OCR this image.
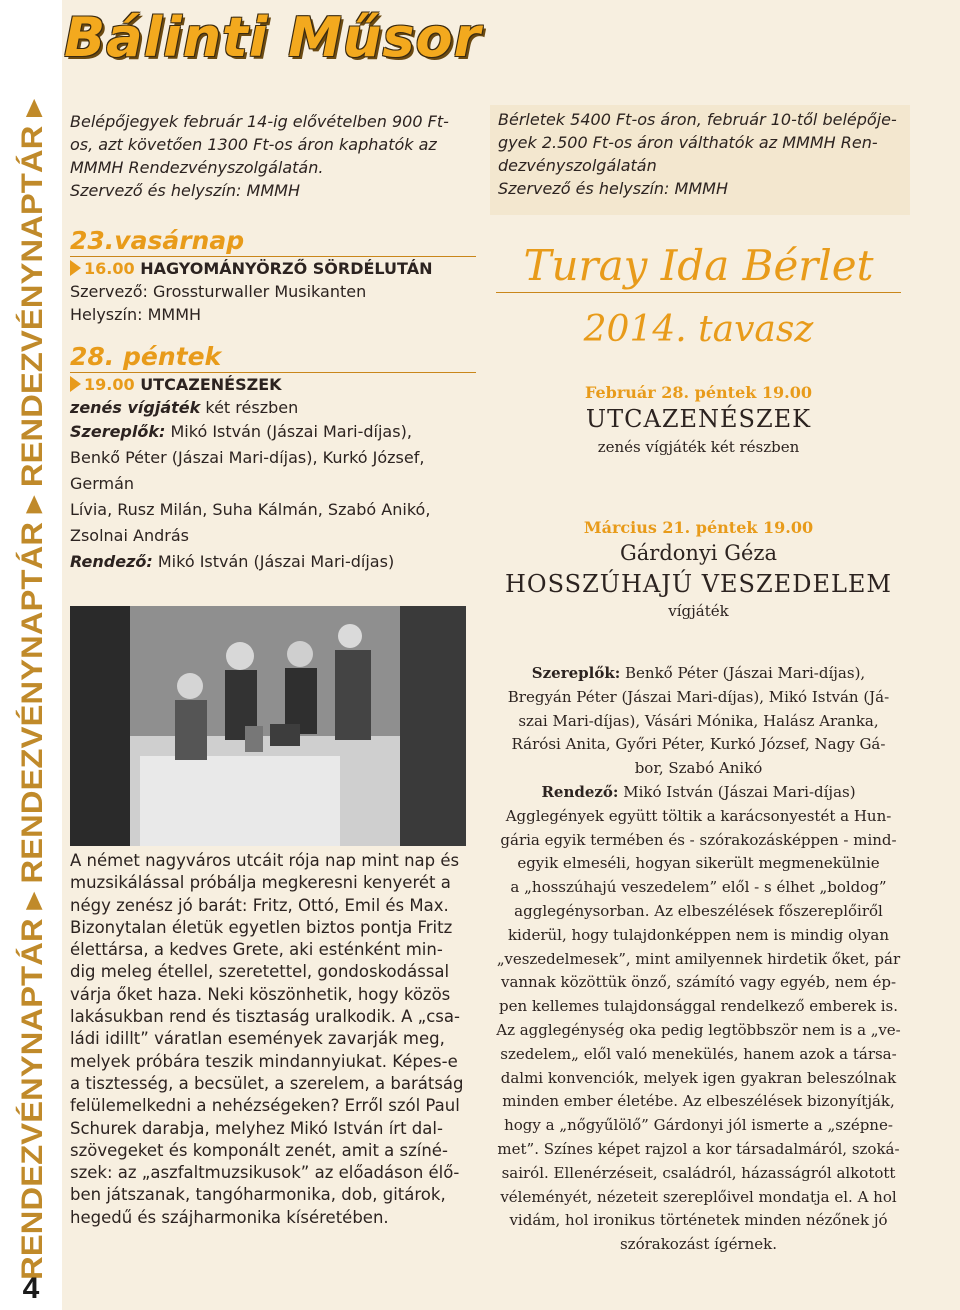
RENDEZVÉNYNAPTÁR ▸ RENDEZVÉNYNAPTÁR ▸ RENDEZVÉNYNAPTÁR ▸
4
Bálinti Műsor
Belépőjegyek február 14-ig elővételben 900 Ft-
os, azt követően 1300 Ft-os áron kaphatók az
MMMH Rendezvényszolgálatán.
Szervező és helyszín: MMMH
23.vasárnap
16.00 HAGYOMÁNYÖRZŐ SÖRDÉLUTÁN
Szervező: Grossturwaller Musikanten
Helyszín: MMMH
28. péntek
19.00 UTCAZENÉSZEK
zenés vígjáték két részben
Szereplők: Mikó István (Jászai Mari-díjas),
Benkő Péter (Jászai Mari-díjas), Kurkó József,
Germán
Lívia, Rusz Milán, Suha Kálmán, Szabó Anikó,
Zsolnai András
Rendező: Mikó István (Jászai Mari-díjas)
A német nagyváros utcáit rója nap mint nap és
muzsikálással próbálja megkeresni kenyerét a
négy zenész jó barát: Fritz, Ottó, Emil és Max.
Bizonytalan életük egyetlen biztos pontja Fritz
élettársa, a kedves Grete, aki esténként min-
dig meleg étellel, szeretettel, gondoskodással
várja őket haza. Neki köszönhetik, hogy közös
lakásukban rend és tisztaság uralkodik. A „csa-
ládi idillt” váratlan események zavarják meg,
melyek próbára teszik mindannyiukat. Képes-e
a tisztesség, a becsület, a szerelem, a barátság
felülemelkedni a nehézségeken? Erről szól Paul
Schurek darabja, melyhez Mikó István írt dal-
szövegeket és komponált zenét, amit a színé-
szek: az „aszfaltmuzsikusok” az előadáson élő-
ben játszanak, tangóharmonika, dob, gitárok,
hegedű és szájharmonika kíséretében.
Bérletek 5400 Ft-os áron, február 10-től belépője-
gyek 2.500 Ft-os áron válthatók az MMMH Ren-
dezvényszolgálatán
Szervező és helyszín: MMMH
Turay Ida Bérlet
2014. tavasz
Február 28. péntek 19.00
UTCAZENÉSZEK
zenés vígjáték két részben
Március 21. péntek 19.00
Gárdonyi Géza
HOSSZÚHAJÚ VESZEDELEM
vígjáték
Szereplők: Benkő Péter (Jászai Mari-díjas),
Bregyán Péter (Jászai Mari-díjas), Mikó István (Já-
szai Mari-díjas), Vásári Mónika, Halász Aranka,
Rárósi Anita, Győri Péter, Kurkó József, Nagy Gá-
bor, Szabó Anikó
Rendező: Mikó István (Jászai Mari-díjas)
Agglegények együtt töltik a karácsonyestét a Hun-
gária egyik termében és - szórakozásképpen - mind-
egyik elmeséli, hogyan sikerült megmenekülnie
a „hosszúhajú veszedelem” elől - s élhet „boldog”
agglegénysorban. Az elbeszélések főszereplőiről
kiderül, hogy tulajdonképpen nem is mindig olyan
„veszedelmesek”, mint amilyennek hirdetik őket, pár
vannak közöttük önző, számító vagy egyéb, nem ép-
pen kellemes tulajdonsággal rendelkező emberek is.
Az agglegénység oka pedig legtöbbször nem is a „ve-
szedelem„ elől való menekülés, hanem azok a társa-
dalmi konvenciók, melyek igen gyakran beleszólnak
minden ember életébe. Az elbeszélések bizonyítják,
hogy a „nőgyűlölő” Gárdonyi jól ismerte a „szépne-
met”. Színes képet rajzol a kor társadalmáról, szoká-
sairól. Ellenérzéseit, családról, házasságról alkotott
véleményét, nézeteit szereplőivel mondatja el. A hol
vidám, hol ironikus történetek minden nézőnek jó
szórakozást ígérnek.
